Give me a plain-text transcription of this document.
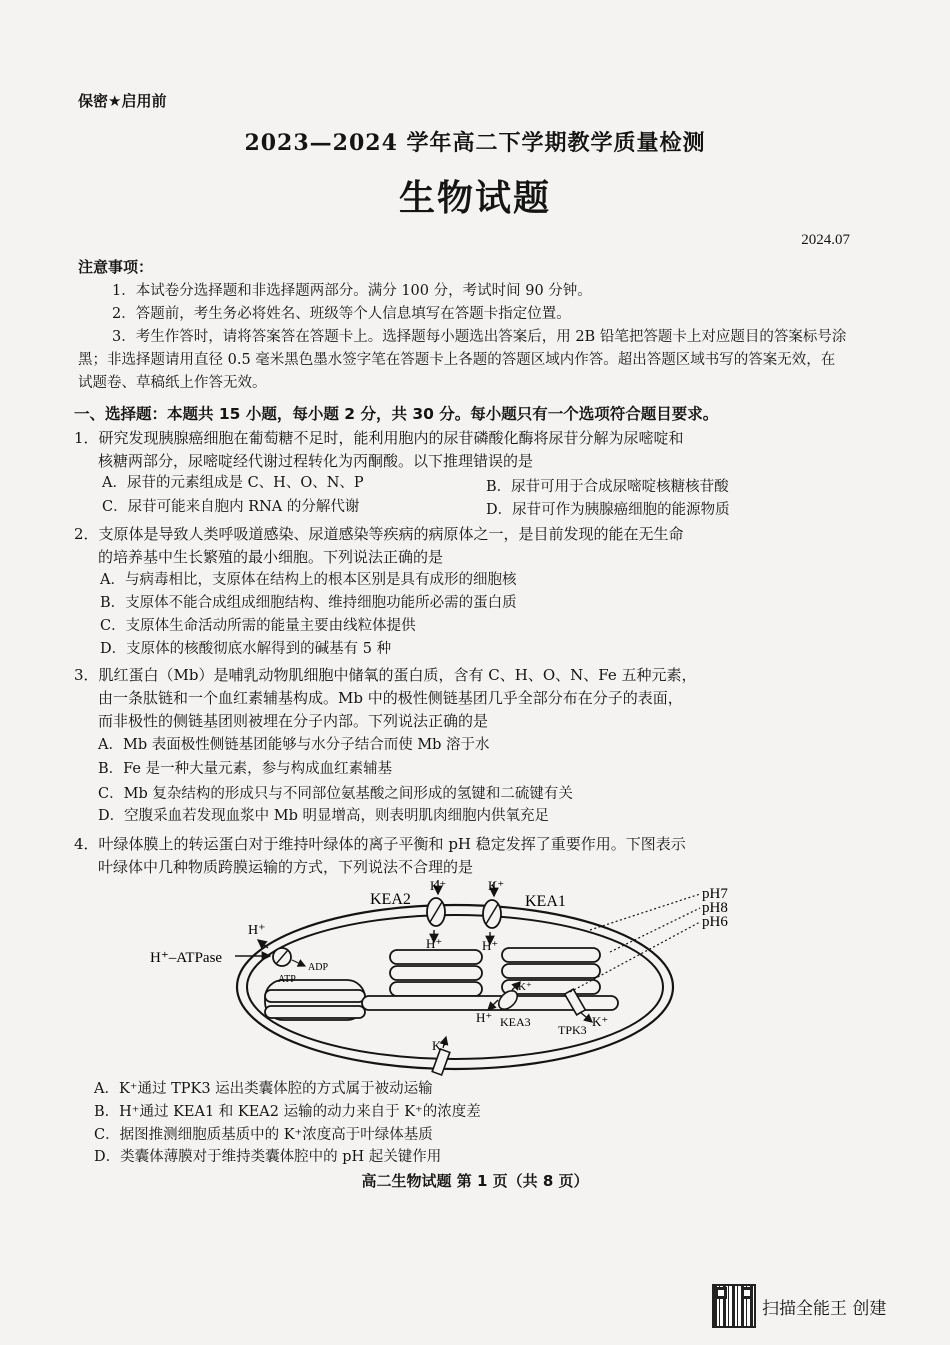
保密★启用前
2023—2024 学年高二下学期教学质量检测
生物试题
2024.07
注意事项：
1．本试卷分选择题和非选择题两部分。满分 100 分，考试时间 90 分钟。
2．答题前，考生务必将姓名、班级等个人信息填写在答题卡指定位置。
3．考生作答时，请将答案答在答题卡上。选择题每小题选出答案后，用 2B 铅笔把答题卡上对应题目的答案标号涂黑；非选择题请用直径 0.5 毫米黑色墨水签字笔在答题卡上各题的答题区域内作答。超出答题区域书写的答案无效，在试题卷、草稿纸上作答无效。
一、选择题：本题共 15 小题，每小题 2 分，共 30 分。每小题只有一个选项符合题目要求。
1．研究发现胰腺癌细胞在葡萄糖不足时，能利用胞内的尿苷磷酸化酶将尿苷分解为尿嘧啶和
核糖两部分，尿嘧啶经代谢过程转化为丙酮酸。以下推理错误的是
A．尿苷的元素组成是 C、H、O、N、P	B．尿苷可用于合成尿嘧啶核糖核苷酸
C．尿苷可能来自胞内 RNA 的分解代谢	D．尿苷可作为胰腺癌细胞的能源物质
2．支原体是导致人类呼吸道感染、尿道感染等疾病的病原体之一，是目前发现的能在无生命
的培养基中生长繁殖的最小细胞。下列说法正确的是
A．与病毒相比，支原体在结构上的根本区别是具有成形的细胞核
B．支原体不能合成组成细胞结构、维持细胞功能所必需的蛋白质
C．支原体生命活动所需的能量主要由线粒体提供
D．支原体的核酸彻底水解得到的碱基有 5 种
3．肌红蛋白（Mb）是哺乳动物肌细胞中储氧的蛋白质，含有 C、H、O、N、Fe 五种元素，
由一条肽链和一个血红素辅基构成。Mb 中的极性侧链基团几乎全部分布在分子的表面，
而非极性的侧链基团则被埋在分子内部。下列说法正确的是
A．Mb 表面极性侧链基团能够与水分子结合而使 Mb 溶于水
B．Fe 是一种大量元素，参与构成血红素辅基
C．Mb 复杂结构的形成只与不同部位氨基酸之间形成的氢键和二硫键有关
D．空腹采血若发现血浆中 Mb 明显增高，则表明肌肉细胞内供氧充足
4．叶绿体膜上的转运蛋白对于维持叶绿体的离子平衡和 pH 稳定发挥了重要作用。下图表示
叶绿体中几种物质跨膜运输的方式，下列说法不合理的是
KEA2	KEA1
K⁺	K⁺
H⁺	H⁺
H⁺
H⁺–ATPase
ADP
ATP
K⁺
H⁺ KEA3	K⁺
TPK3
K⁺
pH7
pH8
pH6
A．K⁺通过 TPK3 运出类囊体腔的方式属于被动运输
B．H⁺通过 KEA1 和 KEA2 运输的动力来自于 K⁺的浓度差
C．据图推测细胞质基质中的 K⁺浓度高于叶绿体基质
D．类囊体薄膜对于维持类囊体腔中的 pH 起关键作用
高二生物试题 第 1 页（共 8 页）
扫描全能王 创建
